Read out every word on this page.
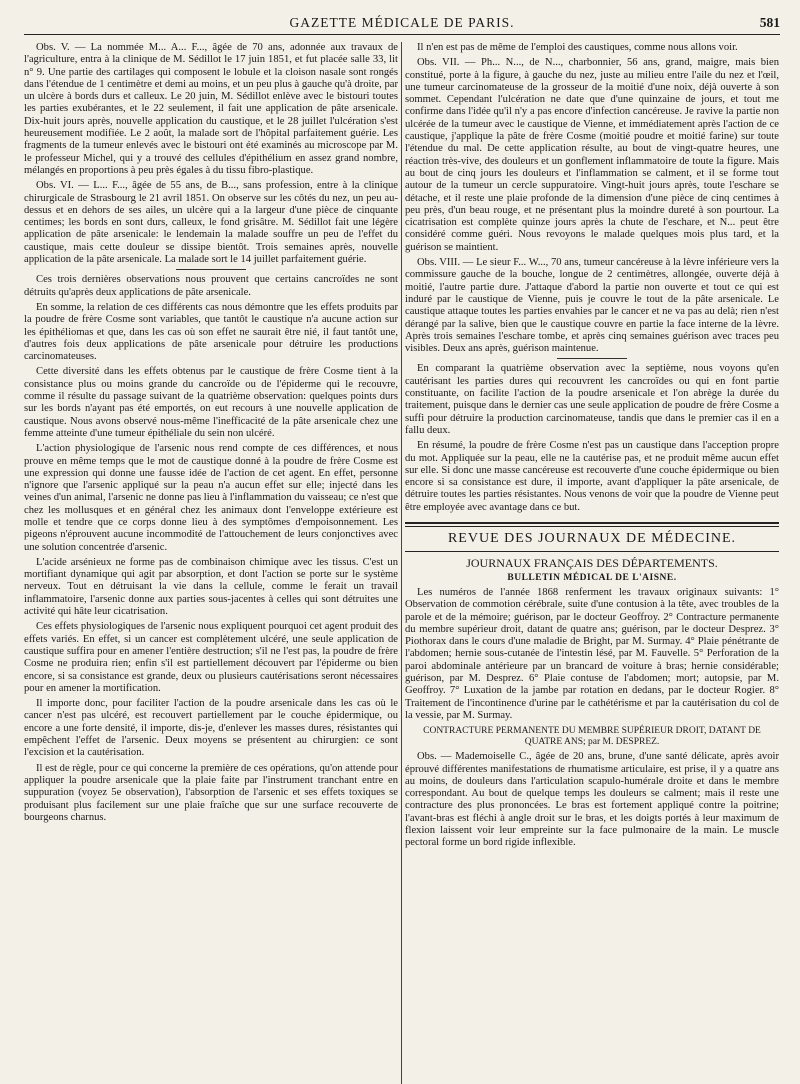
GAZETTE MÉDICALE DE PARIS.	581

Obs. V. — La nommée M... A... F..., âgée de 70 ans, adonnée aux travaux de l'agriculture, entra à la clinique de M. Sédillot le 17 juin 1851, et fut placée salle 33, lit n° 9. Une partie des cartilages qui composent le lobule et la cloison nasale sont rongés dans l'étendue de 1 centimètre et demi au moins, et un peu plus à gauche qu'à droite, par un ulcère à bords durs et calleux. Le 20 juin, M. Sédillot enlève avec le bistouri toutes les parties exubérantes, et le 22 seulement, il fait une application de pâte arsenicale. Dix-huit jours après, nouvelle application du caustique, et le 28 juillet l'ulcération s'est heureusement modifiée. Le 2 août, la malade sort de l'hôpital parfaitement guérie. Les fragments de la tumeur enlevés avec le bistouri ont été examinés au microscope par M. le professeur Michel, qui y a trouvé des cellules d'épithélium en assez grand nombre, mélangés en proportions à peu près égales à du tissu fibro-plastique.

Obs. VI. — L... F..., âgée de 55 ans, de B..., sans profession, entre à la clinique chirurgicale de Strasbourg le 21 avril 1851. On observe sur les côtés du nez, un peu au-dessus et en dehors de ses ailes, un ulcère qui a la largeur d'une pièce de cinquante centimes; les bords en sont durs, calleux, le fond grisâtre. M. Sédillot fait une légère application de pâte arsenicale: le lendemain la malade souffre un peu de l'effet du caustique, mais cette douleur se dissipe bientôt. Trois semaines après, nouvelle application de la pâte arsenicale. La malade sort le 14 juillet parfaitement guérie.

Ces trois dernières observations nous prouvent que certains cancroïdes ne sont détruits qu'après deux applications de pâte arsenicale.

En somme, la relation de ces différents cas nous démontre que les effets produits par la poudre de frère Cosme sont variables, que tantôt le caustique n'a aucune action sur les épithéliomas et que, dans les cas où son effet ne saurait être nié, il faut tantôt une, d'autres fois deux applications de pâte arsenicale pour détruire les productions carcinomateuses.

Cette diversité dans les effets obtenus par le caustique de frère Cosme tient à la consistance plus ou moins grande du cancroïde ou de l'épiderme qui le recouvre, comme il résulte du passage suivant de la quatrième observation: quelques points durs sur les bords n'ayant pas été emportés, on eut recours à une nouvelle application de caustique. Nous avons observé nous-même l'inefficacité de la pâte arsenicale chez une femme atteinte d'une tumeur épithéliale du sein non ulcéré.

L'action physiologique de l'arsenic nous rend compte de ces différences, et nous prouve en même temps que le mot de caustique donné à la poudre de frère Cosme est une expression qui donne une fausse idée de l'action de cet agent. En effet, personne n'ignore que l'arsenic appliqué sur la peau n'a aucun effet sur elle; injecté dans les veines d'un animal, l'arsenic ne donne pas lieu à l'inflammation du vaisseau; ce n'est que chez les mollusques et en général chez les animaux dont l'enveloppe extérieure est molle et tendre que ce corps donne lieu à des symptômes d'empoisonnement. Les pigeons n'éprouvent aucune incommodité de l'attouchement de leurs conjonctives avec une solution concentrée d'arsenic.

L'acide arsénieux ne forme pas de combinaison chimique avec les tissus. C'est un mortifiant dynamique qui agit par absorption, et dont l'action se porte sur le système nerveux. Tout en détruisant la vie dans la cellule, comme le ferait un travail inflammatoire, l'arsenic donne aux parties sous-jacentes à celles qui sont détruites une activité qui hâte leur cicatrisation.

Ces effets physiologiques de l'arsenic nous expliquent pourquoi cet agent produit des effets variés. En effet, si un cancer est complètement ulcéré, une seule application de caustique suffira pour en amener l'entière destruction; s'il ne l'est pas, la poudre de frère Cosme ne produira rien; enfin s'il est partiellement découvert par l'épiderme ou bien encore, si sa consistance est grande, deux ou plusieurs cautérisations seront nécessaires pour en amener la mortification.

Il importe donc, pour faciliter l'action de la poudre arsenicale dans les cas où le cancer n'est pas ulcéré, est recouvert partiellement par le couche épidermique, ou encore a une forte densité, il importe, dis-je, d'enlever les masses dures, résistantes qui empêchent l'effet de l'arsenic. Deux moyens se présentent au chirurgien: ce sont l'excision et la cautérisation.

Il est de règle, pour ce qui concerne la première de ces opérations, qu'on attende pour appliquer la poudre arsenicale que la plaie faite par l'instrument tranchant entre en suppuration (voyez 5e observation), l'absorption de l'arsenic et ses effets toxiques se produisant plus facilement sur une plaie fraîche que sur une surface recouverte de bourgeons charnus.

Il n'en est pas de même de l'emploi des caustiques, comme nous allons voir.

Obs. VII. — Ph... N..., de N..., charbonnier, 56 ans, grand, maigre, mais bien constitué, porte à la figure, à gauche du nez, juste au milieu entre l'aile du nez et l'œil, une tumeur carcinomateuse de la grosseur de la moitié d'une noix, déjà ouverte à son sommet. Cependant l'ulcération ne date que d'une quinzaine de jours, et tout me confirme dans l'idée qu'il n'y a pas encore d'infection cancéreuse. Je ravive la partie non ulcérée de la tumeur avec le caustique de Vienne, et immédiatement après l'action de ce caustique, j'applique la pâte de frère Cosme (moitié poudre et moitié farine) sur toute l'étendue du mal. De cette application résulte, au bout de vingt-quatre heures, une réaction très-vive, des douleurs et un gonflement inflammatoire de toute la figure. Mais au bout de cinq jours les douleurs et l'inflammation se calment, et il se forme tout autour de la tumeur un cercle suppuratoire. Vingt-huit jours après, toute l'eschare se détache, et il reste une plaie profonde de la dimension d'une pièce de cinq centimes à peu près, d'un beau rouge, et ne présentant plus la moindre dureté à son pourtour. La cicatrisation est complète quinze jours après la chute de l'eschare, et N... peut être considéré comme guéri. Nous revoyons le malade quelques mois plus tard, et la guérison se maintient.

Obs. VIII. — Le sieur F... W..., 70 ans, tumeur cancéreuse à la lèvre inférieure vers la commissure gauche de la bouche, longue de 2 centimètres, allongée, ouverte déjà à moitié, l'autre partie dure. J'attaque d'abord la partie non ouverte et tout ce qui est induré par le caustique de Vienne, puis je couvre le tout de la pâte arsenicale. Le caustique attaque toutes les parties envahies par le cancer et ne va pas au delà; rien n'est dérangé par la salive, bien que le caustique couvre en partie la face interne de la lèvre. Après trois semaines l'eschare tombe, et après cinq semaines guérison avec traces peu visibles. Deux ans après, guérison maintenue.

En comparant la quatrième observation avec la septième, nous voyons qu'en cautérisant les parties dures qui recouvrent les cancroïdes ou qui en font partie constituante, on facilite l'action de la poudre arsenicale et l'on abrège la durée du traitement, puisque dans le dernier cas une seule application de poudre de frère Cosme a suffi pour détruire la production carcinomateuse, tandis que dans le premier cas il en a fallu deux.

En résumé, la poudre de frère Cosme n'est pas un caustique dans l'acception propre du mot. Appliquée sur la peau, elle ne la cautérise pas, et ne produit même aucun effet sur elle. Si donc une masse cancéreuse est recouverte d'une couche épidermique ou bien encore si sa consistance est dure, il importe, avant d'appliquer la pâte arsenicale, de détruire toutes les parties résistantes. Nous venons de voir que la poudre de Vienne peut être employée avec avantage dans ce but.

REVUE DES JOURNAUX DE MÉDECINE.
JOURNAUX FRANÇAIS DES DÉPARTEMENTS.
BULLETIN MÉDICAL DE L'AISNE.

Les numéros de l'année 1868 renferment les travaux originaux suivants: 1° Observation de commotion cérébrale, suite d'une contusion à la tête, avec troubles de la parole et de la mémoire; guérison, par le docteur Geoffroy. 2° Contracture permanente du membre supérieur droit, datant de quatre ans; guérison, par le docteur Desprez. 3° Piothorax dans le cours d'une maladie de Bright, par M. Surmay. 4° Plaie pénétrante de l'abdomen; hernie sous-cutanée de l'intestin lésé, par M. Fauvelle. 5° Perforation de la paroi abdominale antérieure par un brancard de voiture à bras; hernie considérable; guérison, par M. Desprez. 6° Plaie contuse de l'abdomen; mort; autopsie, par M. Geoffroy. 7° Luxation de la jambe par rotation en dedans, par le docteur Rogier. 8° Traitement de l'incontinence d'urine par le cathétérisme et par la cautérisation du col de la vessie, par M. Surmay.

CONTRACTURE PERMANENTE DU MEMBRE SUPÉRIEUR DROIT, DATANT DE QUATRE ANS; par M. DESPREZ.

Obs. — Mademoiselle C., âgée de 20 ans, brune, d'une santé délicate, après avoir éprouvé différentes manifestations de rhumatisme articulaire, est prise, il y a quatre ans au moins, de douleurs dans l'articulation scapulo-humérale droite et dans le membre correspondant. Au bout de quelque temps les douleurs se calment; mais il reste une contracture des plus prononcées. Le bras est fortement appliqué contre la poitrine; l'avant-bras est fléchi à angle droit sur le bras, et les doigts portés à leur maximum de flexion laissent voir leur empreinte sur la face pulmonaire de la main. Le muscle pectoral forme un bord rigide inflexible.
